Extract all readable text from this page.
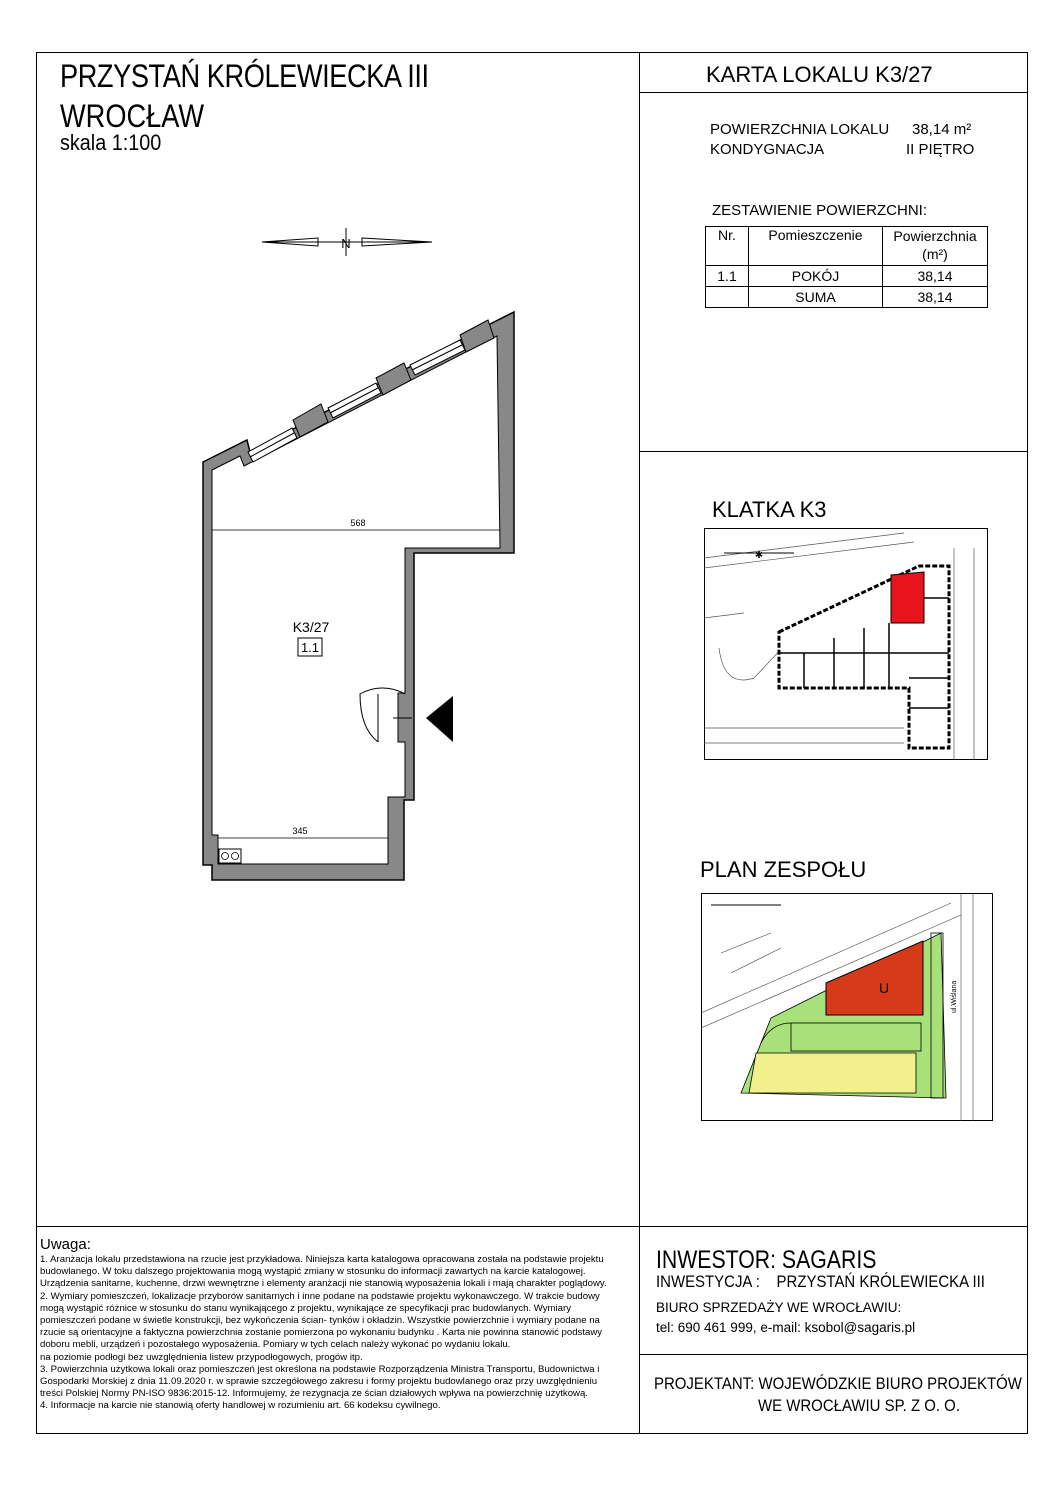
PRZYSTAŃ KRÓLEWIECKA III
WROCŁAW
skala 1:100
KARTA LOKALU K3/27
POWIERZCHNIA LOKALU 38,14 m²
KONDYGNACJA	II PIĘTRO
ZESTAWIENIE POWIERZCHNI:
Nr.	Pomieszczenie	Powierzchnia
(m²)
1.1	POKÓJ	38,14
	SUMA	38,14
N
568
345
K3/27
1.1
KLATKA K3
✱
PLAN ZESPOŁU
U	ul.Wiślana
Uwaga:
1. Aranżacja lokalu przedstawiona na rzucie jest przykładowa. Niniejsza karta katalogowa opracowana została na podstawie projektu
budowlanego. W toku dalszego projektowania mogą wystąpić zmiany w stosunku do informacji zawartych na karcie katalogowej.
Urządzenia sanitarne, kuchenne, drzwi wewnętrzne i elementy aranżacji nie stanowią wyposażenia lokali i mają charakter poglądowy.
2. Wymiary pomieszczeń, lokalizacje przyborów sanitarnych i inne podane na podstawie projektu wykonawczego. W trakcie budowy
mogą wystąpić różnice w stosunku do stanu wynikającego z projektu, wynikające ze specyfikacji prac budowlanych. Wymiary
pomieszczeń podane w świetle konstrukcji, bez wykończenia ścian- tynków i okładzin. Wszystkie powierzchnie i wymiary podane na
rzucie są orientacyjne a faktyczna powierzchnia zostanie pomierzona po wykonaniu budynku . Karta nie powinna stanowić podstawy
doboru mebli, urządzeń i pozostałego wyposażenia. Pomiary w tych celach należy wykonać po wydaniu lokalu.
na poziomie podłogi bez uwzględnienia listew przypodłogowych, progów itp.
3. Powierzchnia użytkowa lokali oraz pomieszczeń jest określona na podstawie Rozporządzenia Ministra Transportu, Budownictwa i
Gospodarki Morskiej z dnia 11.09.2020 r. w sprawie szczegółowego zakresu i formy projektu budowlanego oraz przy uwzględnieniu
treści Polskiej Normy PN-ISO 9836:2015-12. Informujemy, że rezygnacja ze ścian działowych wpływa na powierzchnię użytkową.
4. Informacje na karcie nie stanowią oferty handlowej w rozumieniu art. 66 kodeksu cywilnego.
INWESTOR: SAGARIS
INWESTYCJA : PRZYSTAŃ KRÓLEWIECKA III
BIURO SPRZEDAŻY WE WROCŁAWIU:
tel: 690 461 999, e-mail: ksobol@sagaris.pl
PROJEKTANT: WOJEWÓDZKIE BIURO PROJEKTÓW
WE WROCŁAWIU SP. Z O. O.
